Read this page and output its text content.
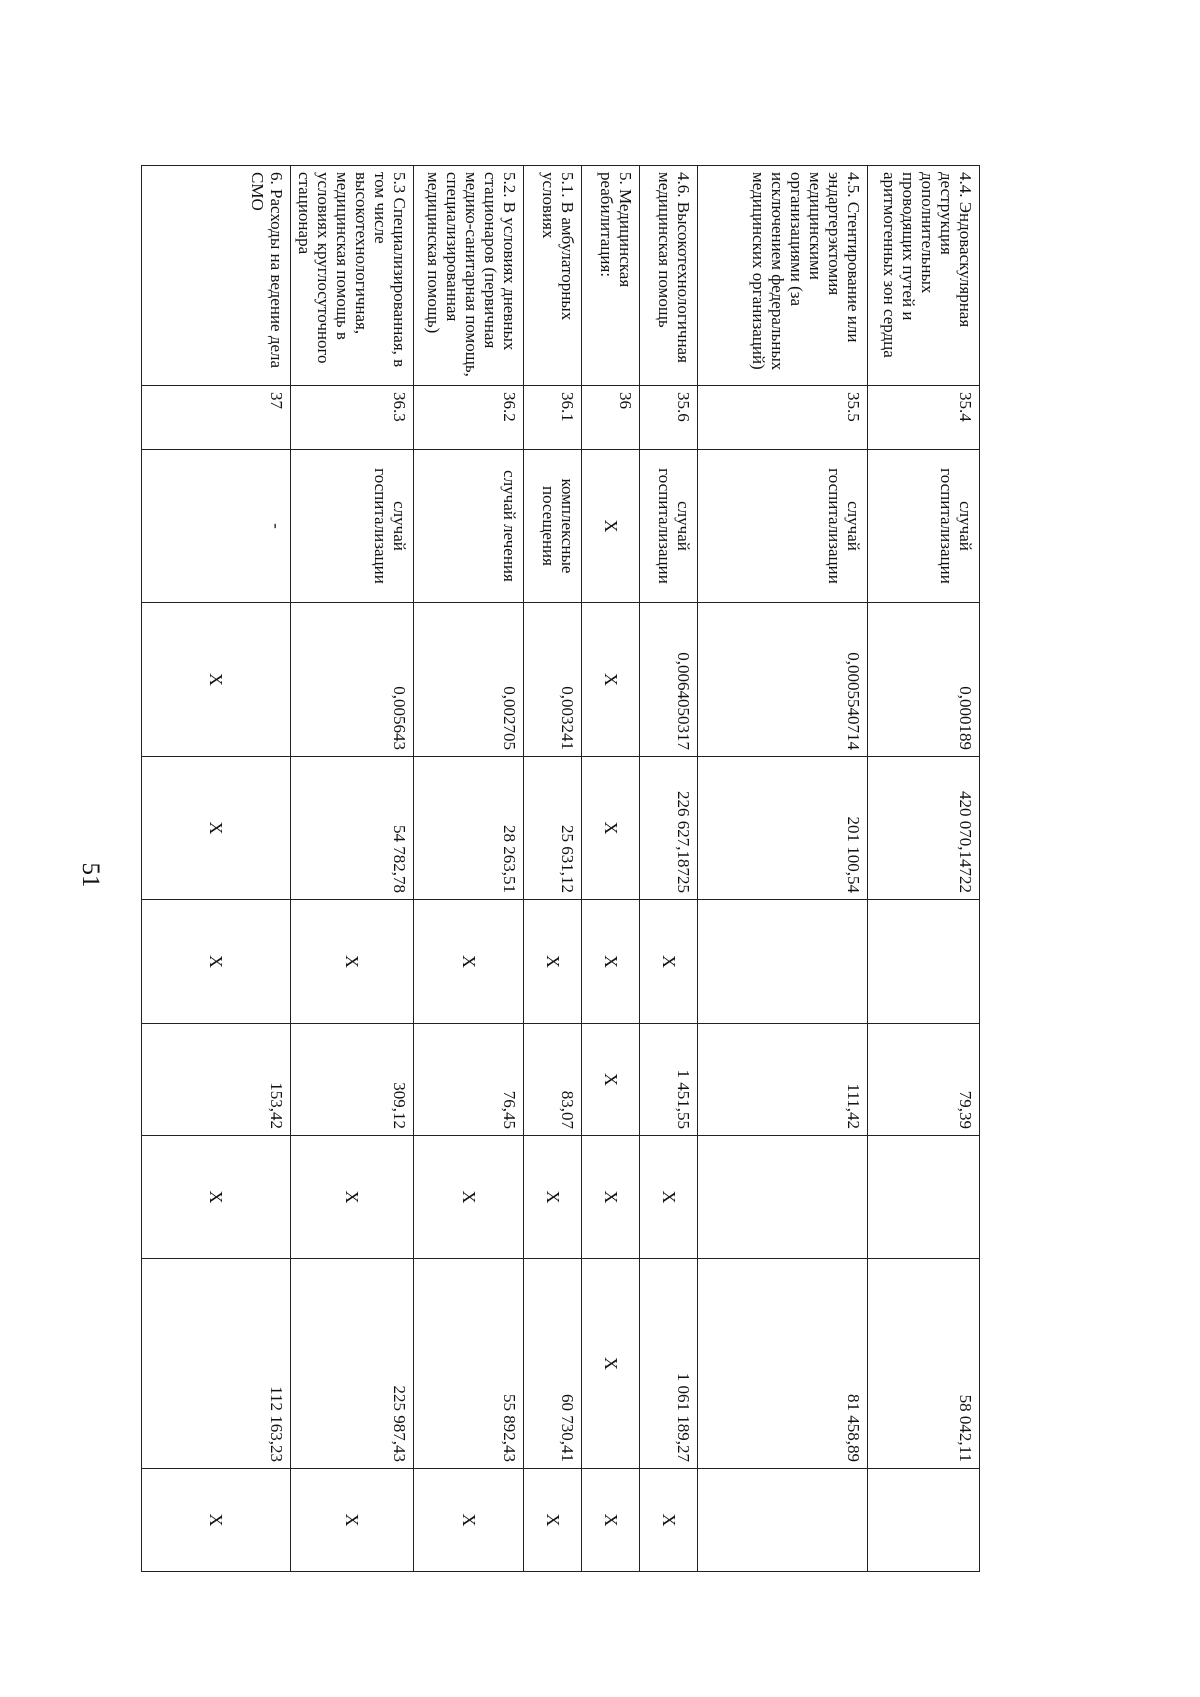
51
4.4. Эндоваскулярная деструкция дополнительных проводящих путей и аритмогенных зон сердца	35.4	случай госпитализации	0,000189	420 070,14722		79,39		58 042,11	
4.5. Стентирование или эндартерэктомия медицинскими организациями (за исключением федеральных медицинских организаций)	35.5	случай госпитализации	0,0005540714	201 100,54		111,42		81 458,89	
4.6. Высокотехнологичная медицинская помощь	35.6	случай госпитализации	0,0064050317	226 627,18725	X	1 451,55	X	1 061 189,27	X
5. Медицинская реабилитация:	36	X	X	X	X	X	X	X	X
5.1. В амбулаторных условиях	36.1	комплексные посещения	0,003241	25 631,12	X	83,07	X	60 730,41	X
5.2. В условиях дневных стационаров (первичная медико-санитарная помощь, специализированная медицинская помощь)	36.2	случай лечения	0,002705	28 263,51	X	76,45	X	55 892,43	X
5.3 Специализированная, в том числе высокотехнологичная, медицинская помощь в условиях круглосуточного стационара	36.3	случай госпитализации	0,005643	54 782,78	X	309,12	X	225 987,43	X
6. Расходы на ведение дела СМО	37	-	X	X	X	153,42	X	112 163,23	X
